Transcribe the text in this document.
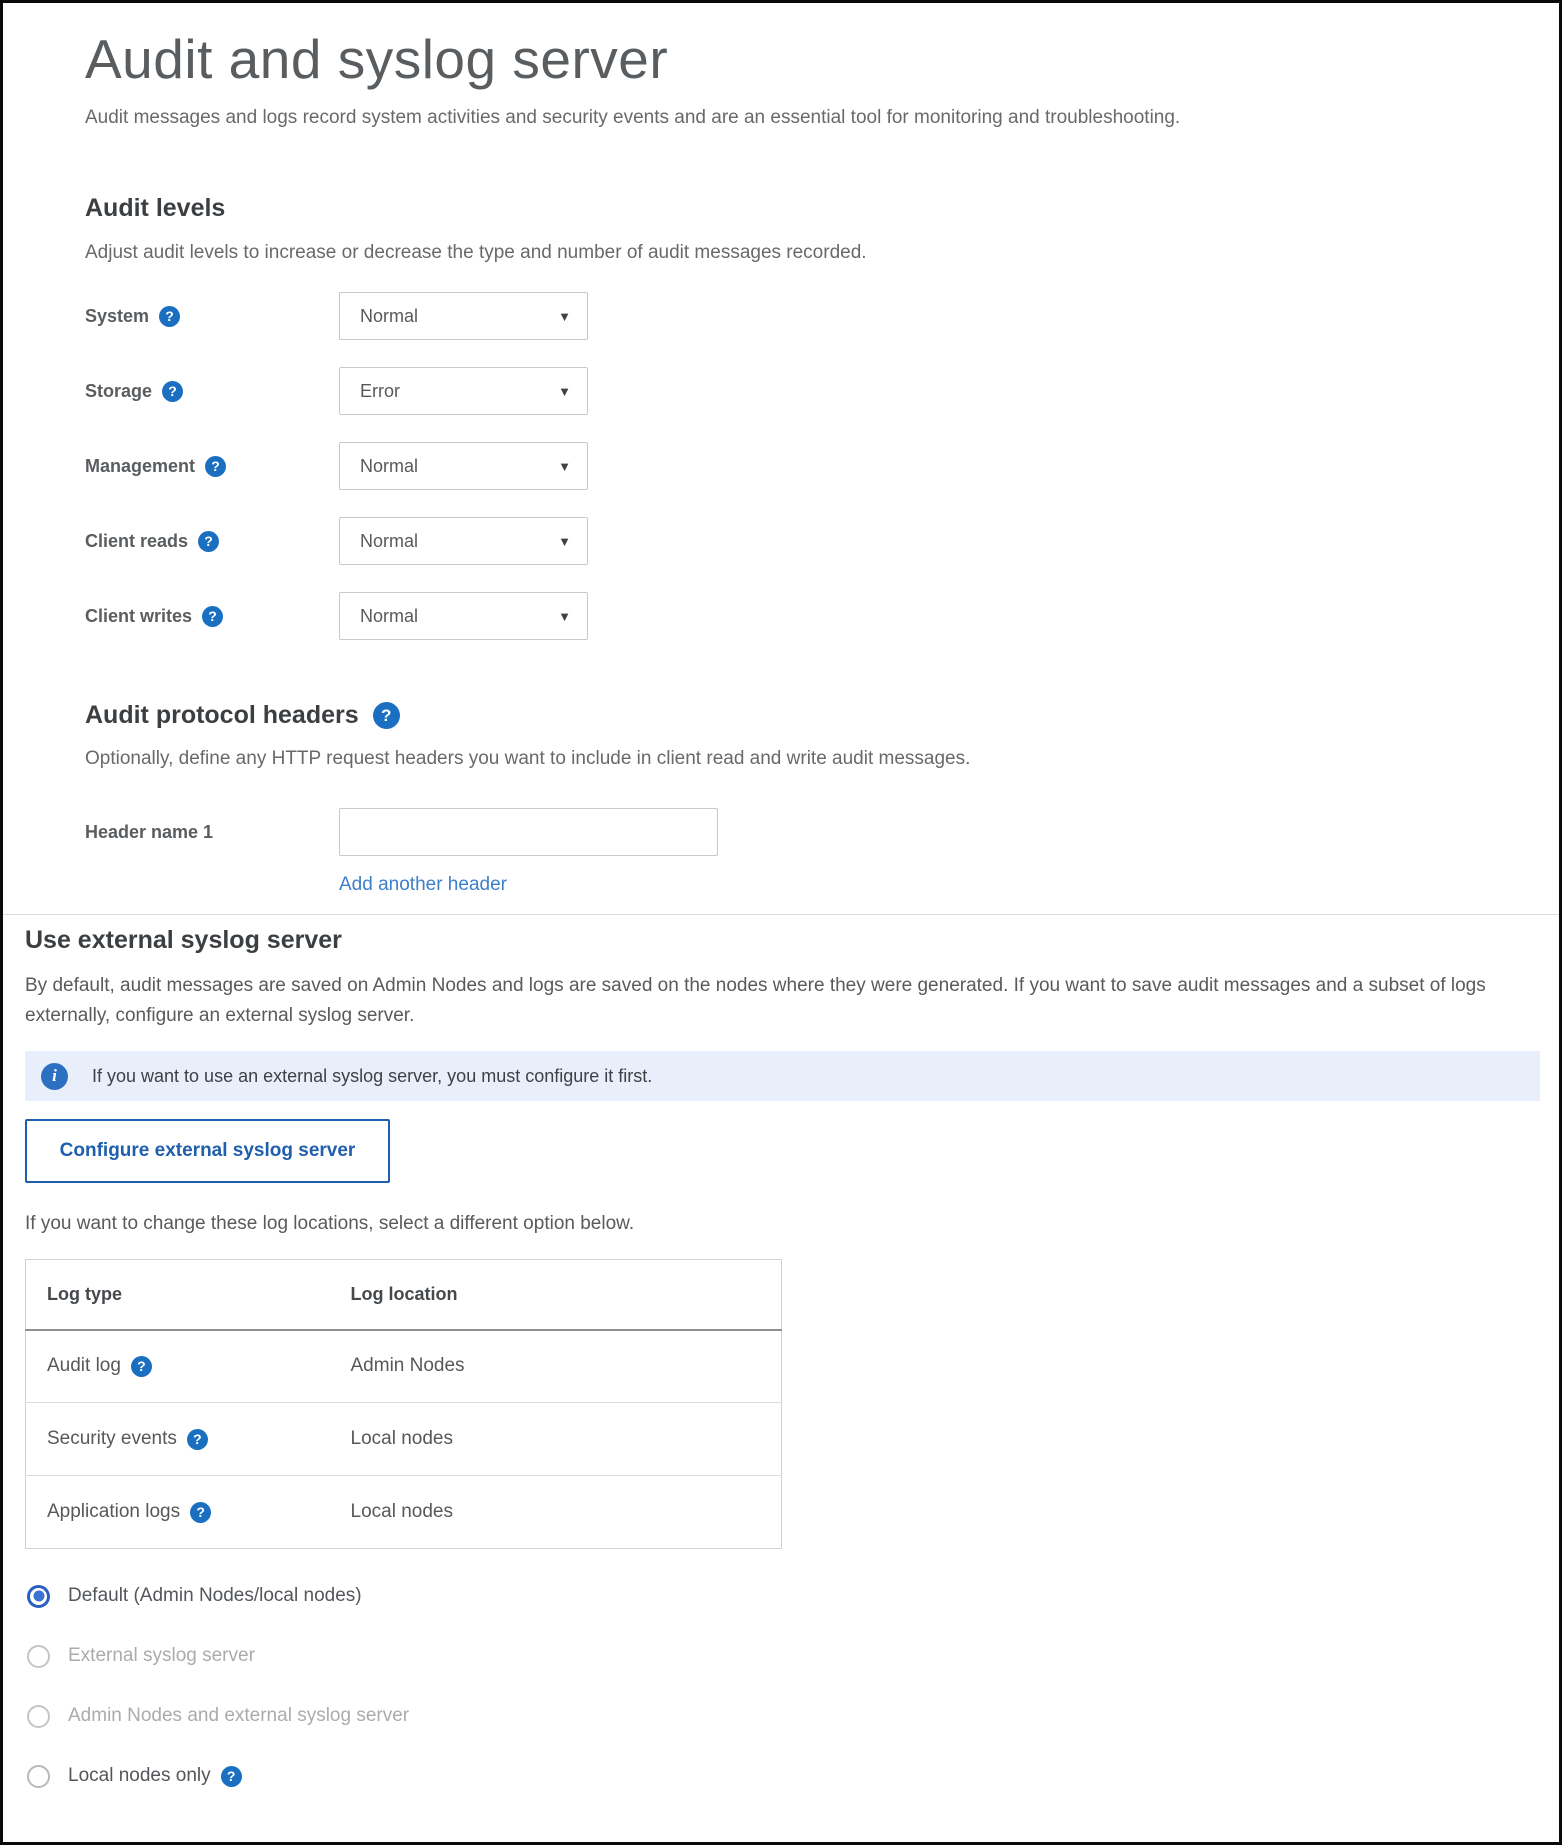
Audit and syslog server

Audit messages and logs record system activities and security events and are an essential tool for monitoring and troubleshooting.

Audit levels

Adjust audit levels to increase or decrease the type and number of audit messages recorded.

System	?	Normal	▼
Storage	?	Error	▼
Management	?	Normal	▼
Client reads	?	Normal	▼
Client writes	?	Normal	▼
Audit protocol headers	?

Optionally, define any HTTP request headers you want to include in client read and write audit messages.

Header name 1
Add another header
Use external syslog server

By default, audit messages are saved on Admin Nodes and logs are saved on the nodes where they were generated. If you want to save audit messages and a subset of logs externally, configure an external syslog server.

i	If you want to use an external syslog server, you must configure it first.
Configure external syslog server

If you want to change these log locations, select a different option below.

Log type	Log location

Audit log ?	Admin Nodes

Security events ?	Local nodes

Application logs ?	Local nodes
Default (Admin Nodes/local nodes)
External syslog server
Admin Nodes and external syslog server
Local nodes only	?
